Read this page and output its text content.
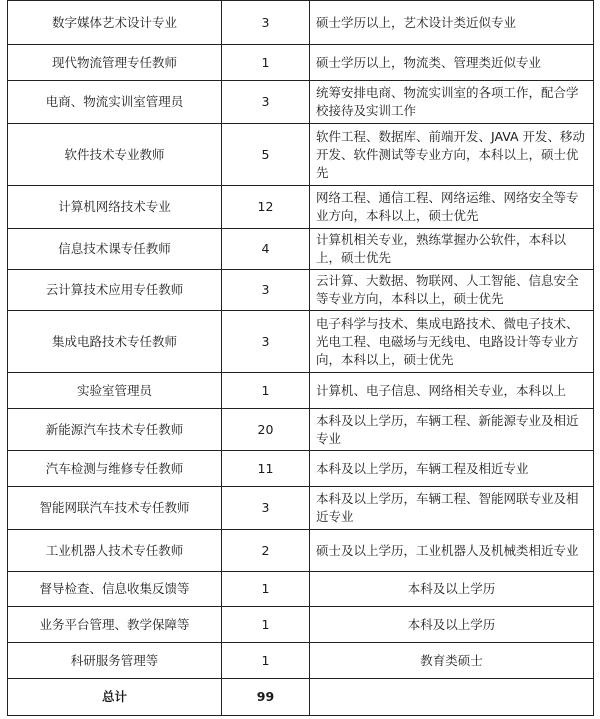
数字媒体艺术设计专业	3	硕士学历以上，艺术设计类近似专业
现代物流管理专任教师	1	硕士学历以上，物流类、管理类近似专业
电商、物流实训室管理员	3	统筹安排电商、物流实训室的各项工作，配合学校接待及实训工作
软件技术专业教师	5	软件工程、数据库、前端开发、JAVA 开发、移动开发、软件测试等专业方向，本科以上，硕士优先
计算机网络技术专业	12	网络工程、通信工程、网络运维、网络安全等专业方向，本科以上，硕士优先
信息技术课专任教师	4	计算机相关专业，熟练掌握办公软件，本科以上，硕士优先
云计算技术应用专任教师	3	云计算、大数据、物联网、人工智能、信息安全等专业方向，本科以上，硕士优先
集成电路技术专任教师	3	电子科学与技术、集成电路技术、微电子技术、光电工程、电磁场与无线电、电路设计等专业方向，本科以上，硕士优先
实验室管理员	1	计算机、电子信息、网络相关专业，本科以上
新能源汽车技术专任教师	20	本科及以上学历，车辆工程、新能源专业及相近专业
汽车检测与维修专任教师	11	本科及以上学历，车辆工程及相近专业
智能网联汽车技术专任教师	3	本科及以上学历，车辆工程、智能网联专业及相近专业
工业机器人技术专任教师	2	硕士及以上学历，工业机器人及机械类相近专业
督导检查、信息收集反馈等	1	本科及以上学历
业务平台管理、教学保障等	1	本科及以上学历
科研服务管理等	1	教育类硕士
总计	99	
